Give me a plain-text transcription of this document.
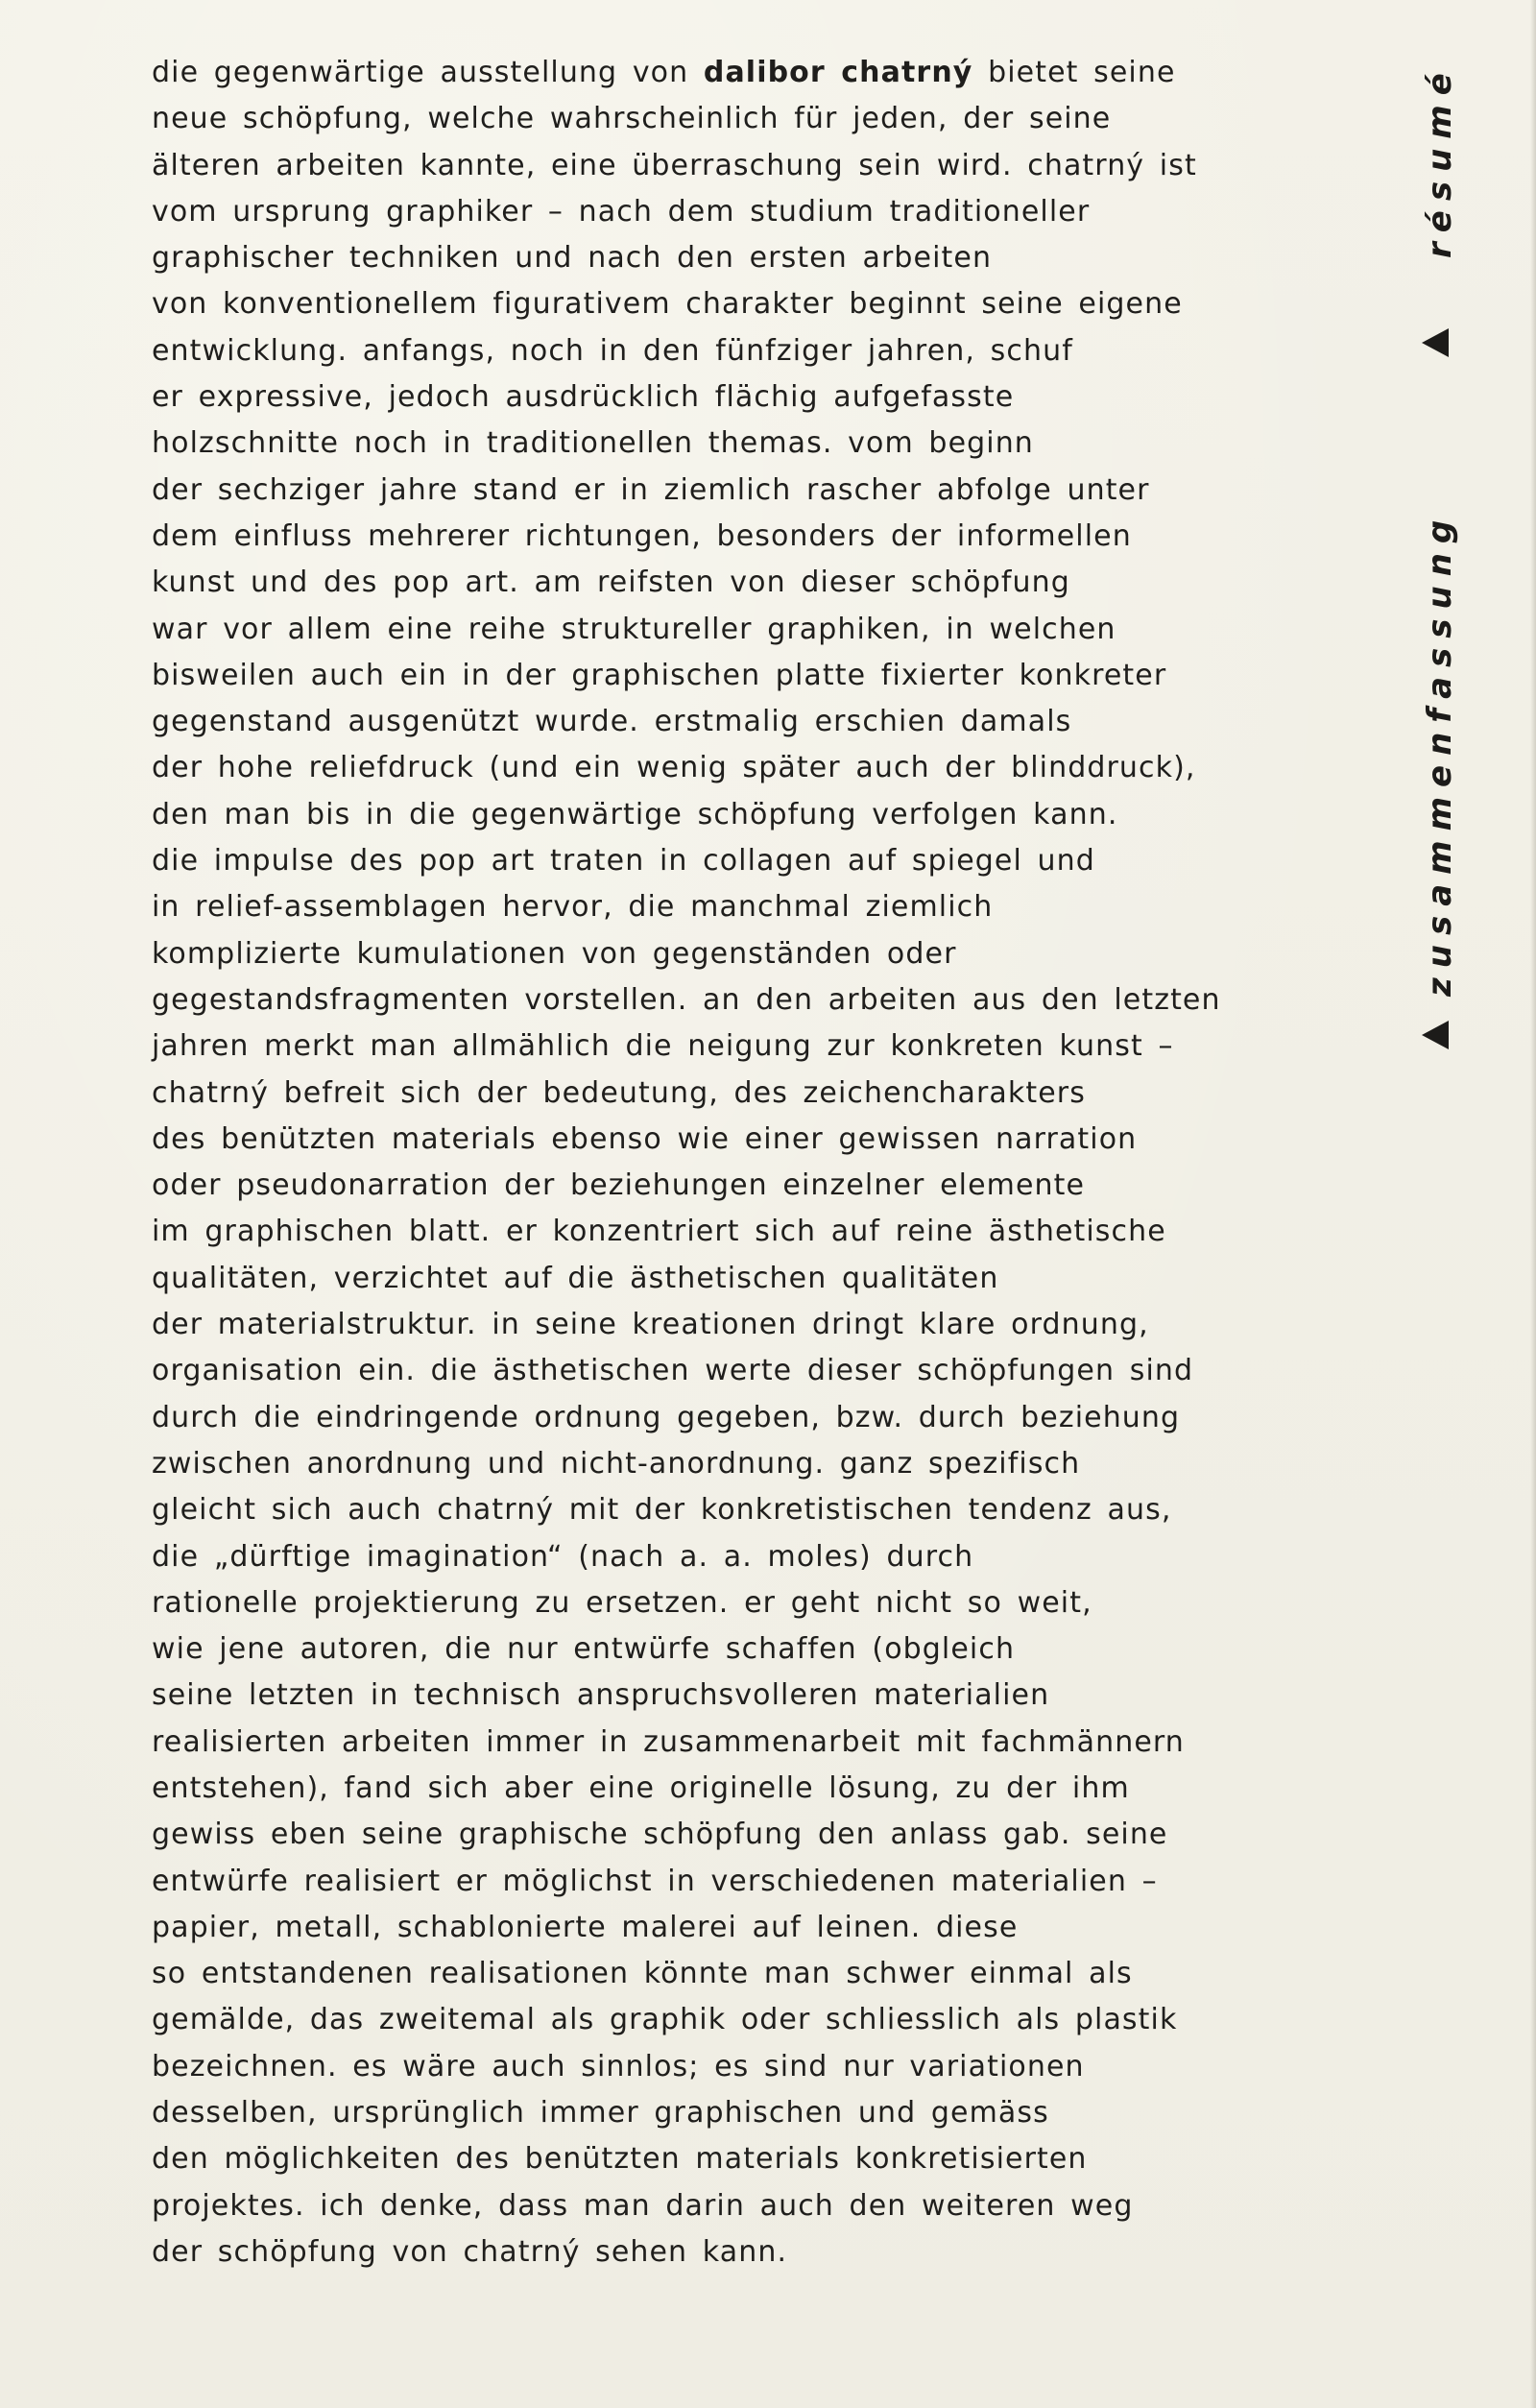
die gegenwärtige ausstellung von dalibor chatrný bietet seine
neue schöpfung, welche wahrscheinlich für jeden, der seine
älteren arbeiten kannte, eine überraschung sein wird. chatrný ist
vom ursprung graphiker – nach dem studium traditioneller
graphischer techniken und nach den ersten arbeiten
von konventionellem figurativem charakter beginnt seine eigene
entwicklung. anfangs, noch in den fünfziger jahren, schuf
er expressive, jedoch ausdrücklich flächig aufgefasste
holzschnitte noch in traditionellen themas. vom beginn
der sechziger jahre stand er in ziemlich rascher abfolge unter
dem einfluss mehrerer richtungen, besonders der informellen
kunst und des pop art. am reifsten von dieser schöpfung
war vor allem eine reihe struktureller graphiken, in welchen
bisweilen auch ein in der graphischen platte fixierter konkreter
gegenstand ausgenützt wurde. erstmalig erschien damals
der hohe reliefdruck (und ein wenig später auch der blinddruck),
den man bis in die gegenwärtige schöpfung verfolgen kann.
die impulse des pop art traten in collagen auf spiegel und
in relief-assemblagen hervor, die manchmal ziemlich
komplizierte kumulationen von gegenständen oder
gegestandsfragmenten vorstellen. an den arbeiten aus den letzten
jahren merkt man allmählich die neigung zur konkreten kunst –
chatrný befreit sich der bedeutung, des zeichencharakters
des benützten materials ebenso wie einer gewissen narration
oder pseudonarration der beziehungen einzelner elemente
im graphischen blatt. er konzentriert sich auf reine ästhetische
qualitäten, verzichtet auf die ästhetischen qualitäten
der materialstruktur. in seine kreationen dringt klare ordnung,
organisation ein. die ästhetischen werte dieser schöpfungen sind
durch die eindringende ordnung gegeben, bzw. durch beziehung
zwischen anordnung und nicht-anordnung. ganz spezifisch
gleicht sich auch chatrný mit der konkretistischen tendenz aus,
die „dürftige imagination“ (nach a. a. moles) durch
rationelle projektierung zu ersetzen. er geht nicht so weit,
wie jene autoren, die nur entwürfe schaffen (obgleich
seine letzten in technisch anspruchsvolleren materialien
realisierten arbeiten immer in zusammenarbeit mit fachmännern
entstehen), fand sich aber eine originelle lösung, zu der ihm
gewiss eben seine graphische schöpfung den anlass gab. seine
entwürfe realisiert er möglichst in verschiedenen materialien –
papier, metall, schablonierte malerei auf leinen. diese
so entstandenen realisationen könnte man schwer einmal als
gemälde, das zweitemal als graphik oder schliesslich als plastik
bezeichnen. es wäre auch sinnlos; es sind nur variationen
desselben, ursprünglich immer graphischen und gemäss
den möglichkeiten des benützten materials konkretisierten
projektes. ich denke, dass man darin auch den weiteren weg
der schöpfung von chatrný sehen kann.
résumé
zusammenfassung
